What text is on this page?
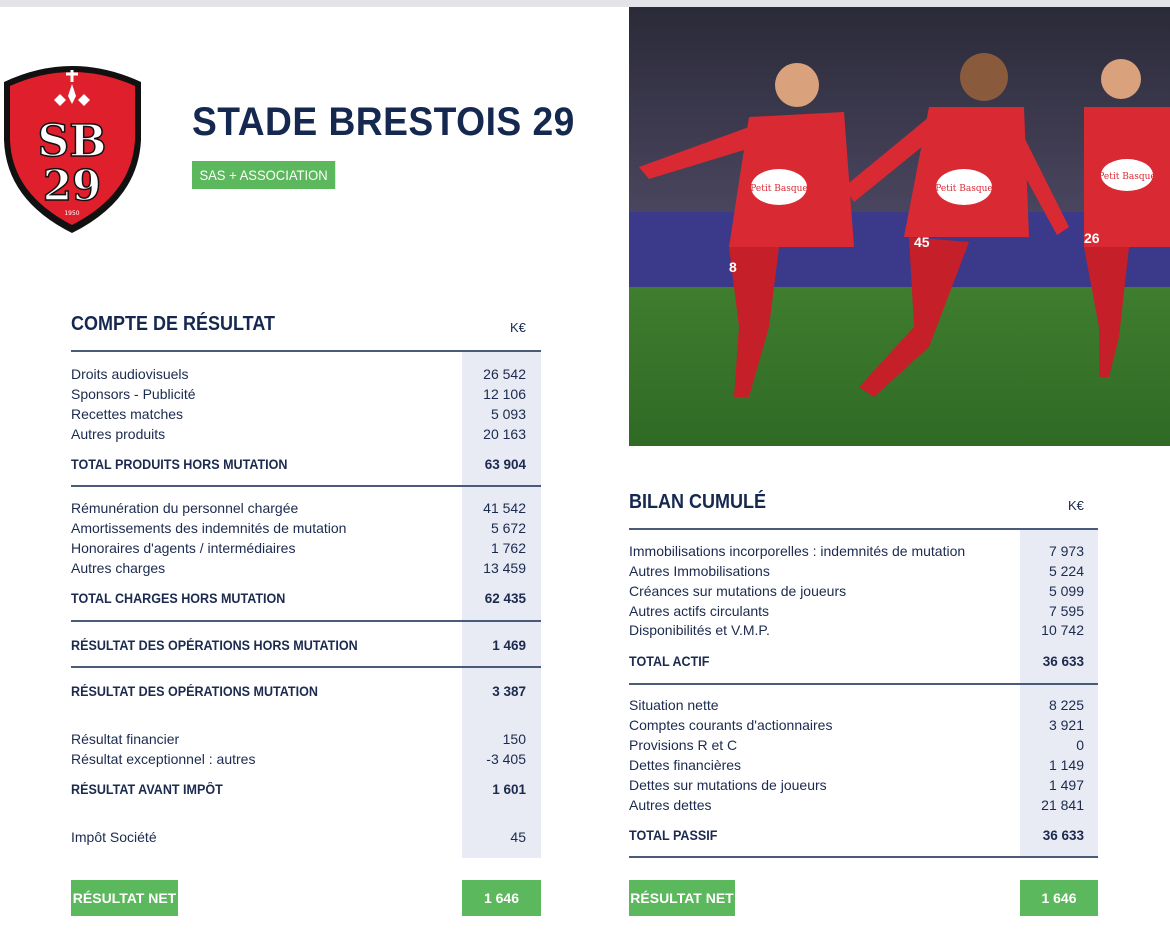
SB
29
1950
STADE BRESTOIS 29
SAS + ASSOCIATION
Petit Basque
8
Petit Basque
45
Petit Basque
26
COMPTE DE RÉSULTAT	K€
Droits audiovisuels	26 542
Sponsors - Publicité	12 106
Recettes matches	5 093
Autres produits	20 163
TOTAL PRODUITS HORS MUTATION	63 904
Rémunération du personnel chargée	41 542
Amortissements des indemnités de mutation	5 672
Honoraires d'agents / intermédiaires	1 762
Autres charges	13 459
TOTAL CHARGES HORS MUTATION	62 435
RÉSULTAT DES OPÉRATIONS HORS MUTATION	1 469
RÉSULTAT DES OPÉRATIONS MUTATION	3 387
Résultat financier	150
Résultat exceptionnel : autres	-3 405
RÉSULTAT AVANT IMPÔT	1 601
Impôt Société	45
RÉSULTAT NET	1 646
BILAN CUMULÉ	K€
Immobilisations incorporelles : indemnités de mutation	7 973
Autres Immobilisations	5 224
Créances sur mutations de joueurs	5 099
Autres actifs circulants	7 595
Disponibilités et V.M.P.	10 742
TOTAL ACTIF	36 633
Situation nette	8 225
Comptes courants d'actionnaires	3 921
Provisions R et C	0
Dettes financières	1 149
Dettes sur mutations de joueurs	1 497
Autres dettes	21 841
TOTAL PASSIF	36 633
RÉSULTAT NET	1 646
